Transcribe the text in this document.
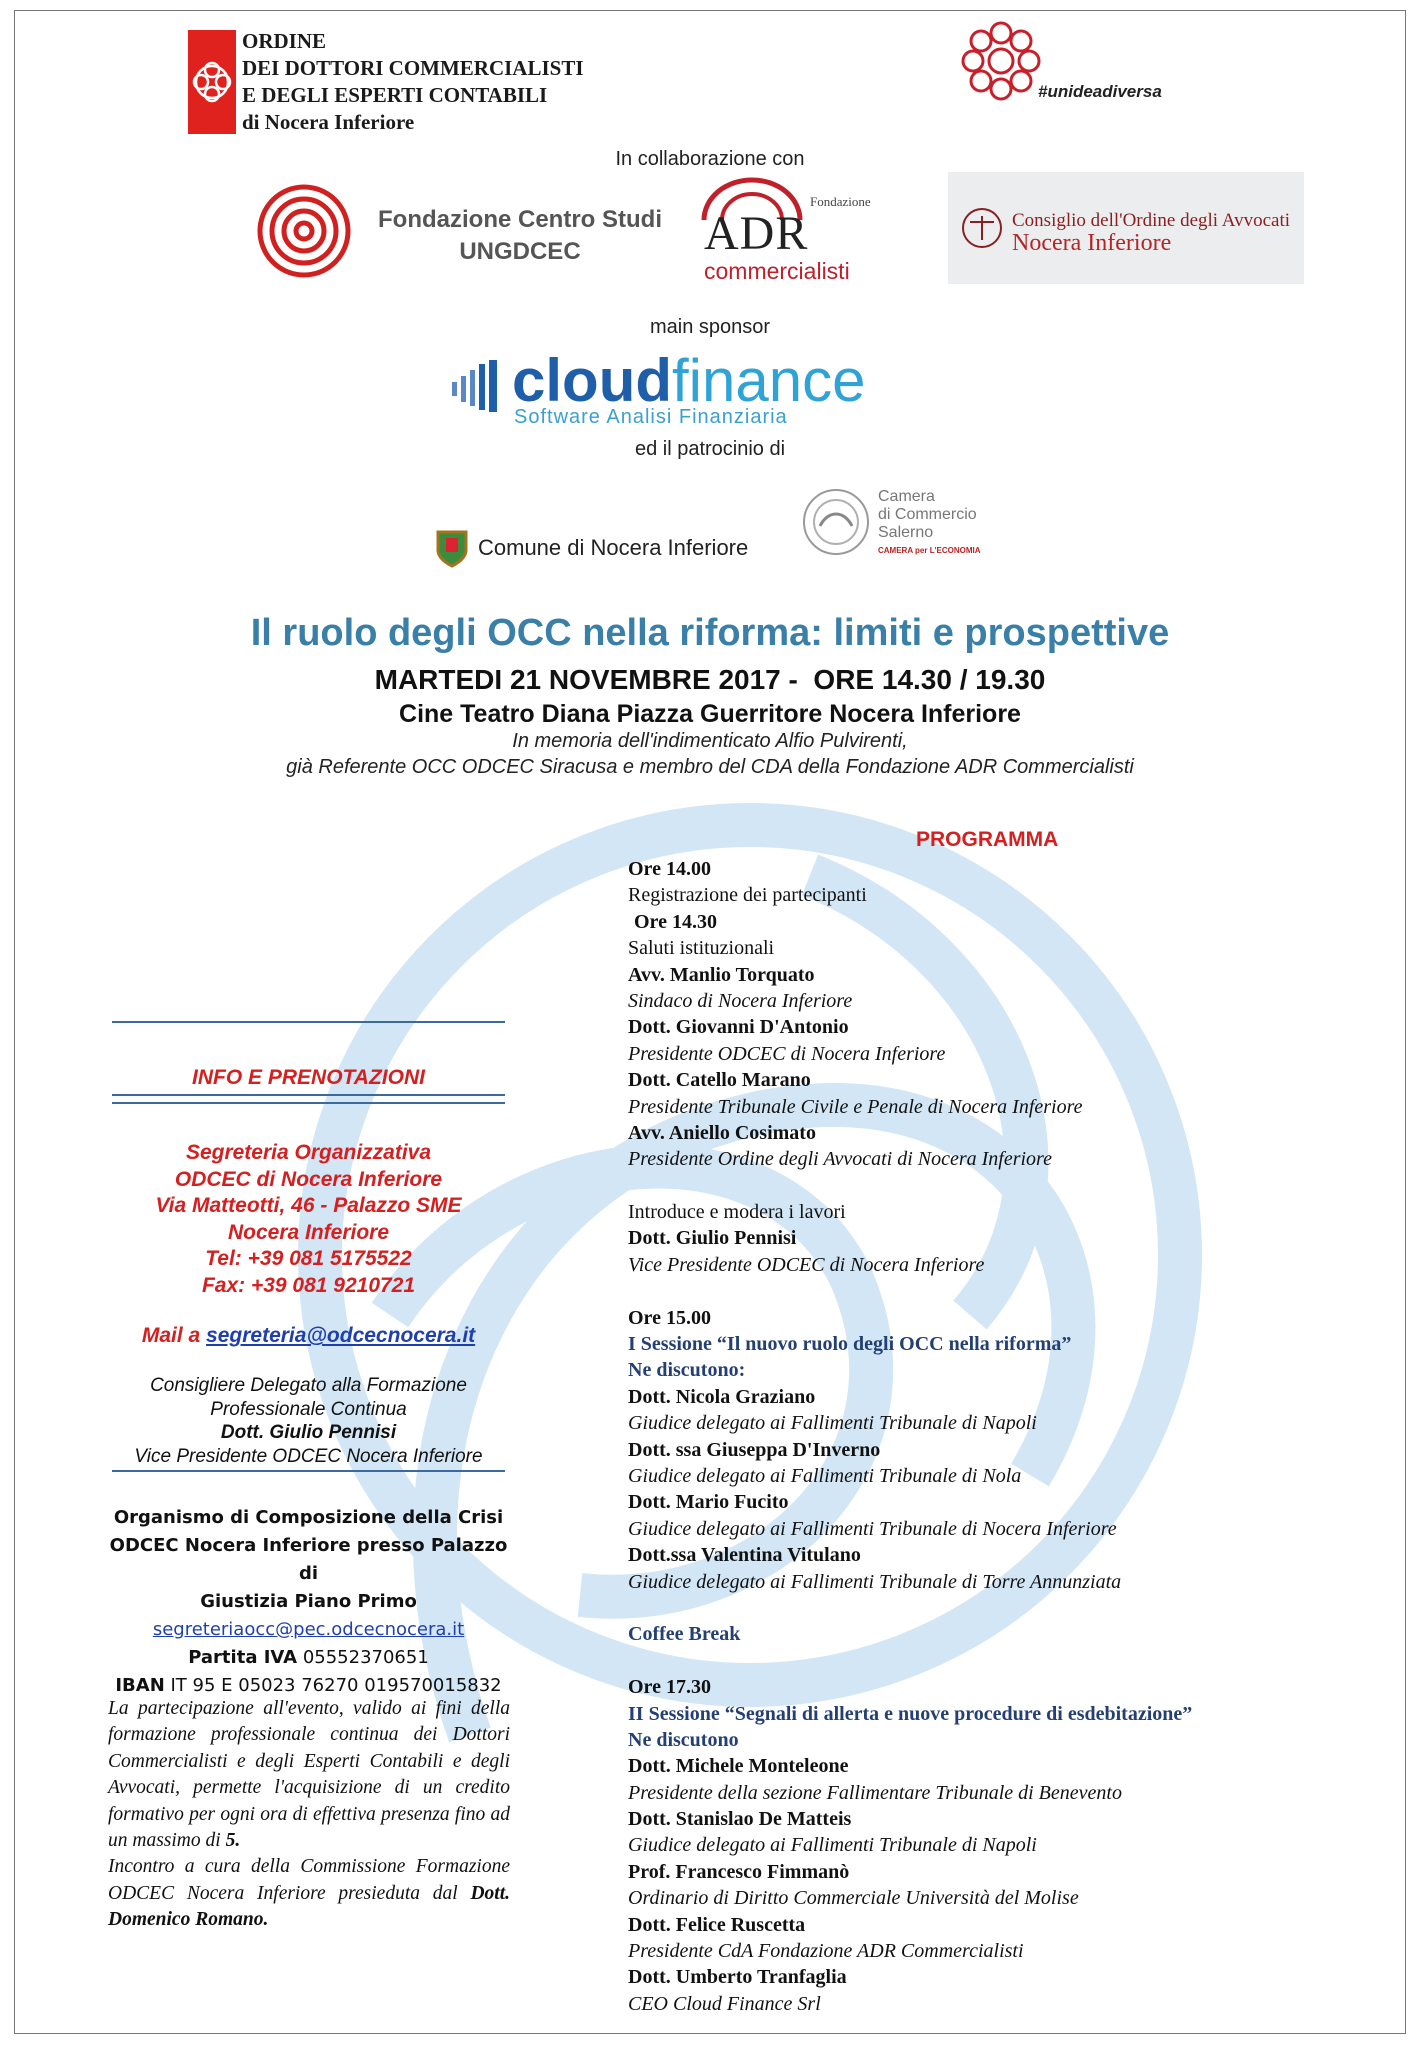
ORDINE
DEI DOTTORI COMMERCIALISTI
E DEGLI ESPERTI CONTABILI
di Nocera Inferiore
#unideadiversa
In collaborazione con
Fondazione Centro Studi
UNGDCEC
Fondazione
ADR
commercialisti
Consiglio dell'Ordine degli Avvocati
Nocera Inferiore
main sponsor
cloudfinance
Software Analisi Finanziaria
ed il patrocinio di
Comune di Nocera Inferiore
Camera
di Commercio
Salerno
CAMERA per L'ECONOMIA
Il ruolo degli OCC nella riforma: limiti e prospettive
MARTEDI 21 NOVEMBRE 2017 -  ORE 14.30 / 19.30
Cine Teatro Diana Piazza Guerritore Nocera Inferiore
In memoria dell'indimenticato Alfio Pulvirenti,
già Referente OCC ODCEC Siracusa e membro del CDA della Fondazione ADR Commercialisti
INFO E PRENOTAZIONI
Segreteria Organizzativa
ODCEC di Nocera Inferiore
Via Matteotti, 46 - Palazzo SME
Nocera Inferiore
Tel: +39 081 5175522
Fax: +39 081 9210721
Mail a segreteria@odcecnocera.it
Consigliere Delegato alla Formazione
Professionale Continua
Dott. Giulio Pennisi
Vice Presidente ODCEC Nocera Inferiore
Organismo di Composizione della Crisi
ODCEC Nocera Inferiore presso Palazzo di
Giustizia Piano Primo
segreteriaocc@pec.odcecnocera.it
Partita IVA 05552370651
IBAN IT 95 E 05023 76270 019570015832

La partecipazione all'evento, valido ai fini della formazione professionale continua dei Dottori Commercialisti e degli Esperti Contabili e degli Avvocati, permette l'acquisizione di un credito formativo per ogni ora di effettiva presenza fino ad un massimo di 5.

Incontro a cura della Commissione Formazione ODCEC Nocera Inferiore presieduta dal Dott. Domenico Romano.

PROGRAMMA
Ore 14.00
Registrazione dei partecipanti
Ore 14.30
Saluti istituzionali
Avv. Manlio Torquato
Sindaco di Nocera Inferiore
Dott. Giovanni D'Antonio
Presidente ODCEC di Nocera Inferiore
Dott. Catello Marano
Presidente Tribunale Civile e Penale di Nocera Inferiore
Avv. Aniello Cosimato
Presidente Ordine degli Avvocati di Nocera Inferiore
Introduce e modera i lavori
Dott. Giulio Pennisi
Vice Presidente ODCEC di Nocera Inferiore
Ore 15.00
I Sessione “Il nuovo ruolo degli OCC nella riforma”
Ne discutono:
Dott. Nicola Graziano
Giudice delegato ai Fallimenti Tribunale di Napoli
Dott. ssa Giuseppa D'Inverno
Giudice delegato ai Fallimenti Tribunale di Nola
Dott. Mario Fucito
Giudice delegato ai Fallimenti Tribunale di Nocera Inferiore
Dott.ssa Valentina Vitulano
Giudice delegato ai Fallimenti Tribunale di Torre Annunziata
Coffee Break
Ore 17.30
II Sessione “Segnali di allerta e nuove procedure di esdebitazione”
Ne discutono
Dott. Michele Monteleone
Presidente della sezione Fallimentare Tribunale di Benevento
Dott. Stanislao De Matteis
Giudice delegato ai Fallimenti Tribunale di Napoli
Prof. Francesco Fimmanò
Ordinario di Diritto Commerciale Università del Molise
Dott. Felice Ruscetta
Presidente CdA Fondazione ADR Commercialisti
Dott. Umberto Tranfaglia
CEO Cloud Finance Srl
